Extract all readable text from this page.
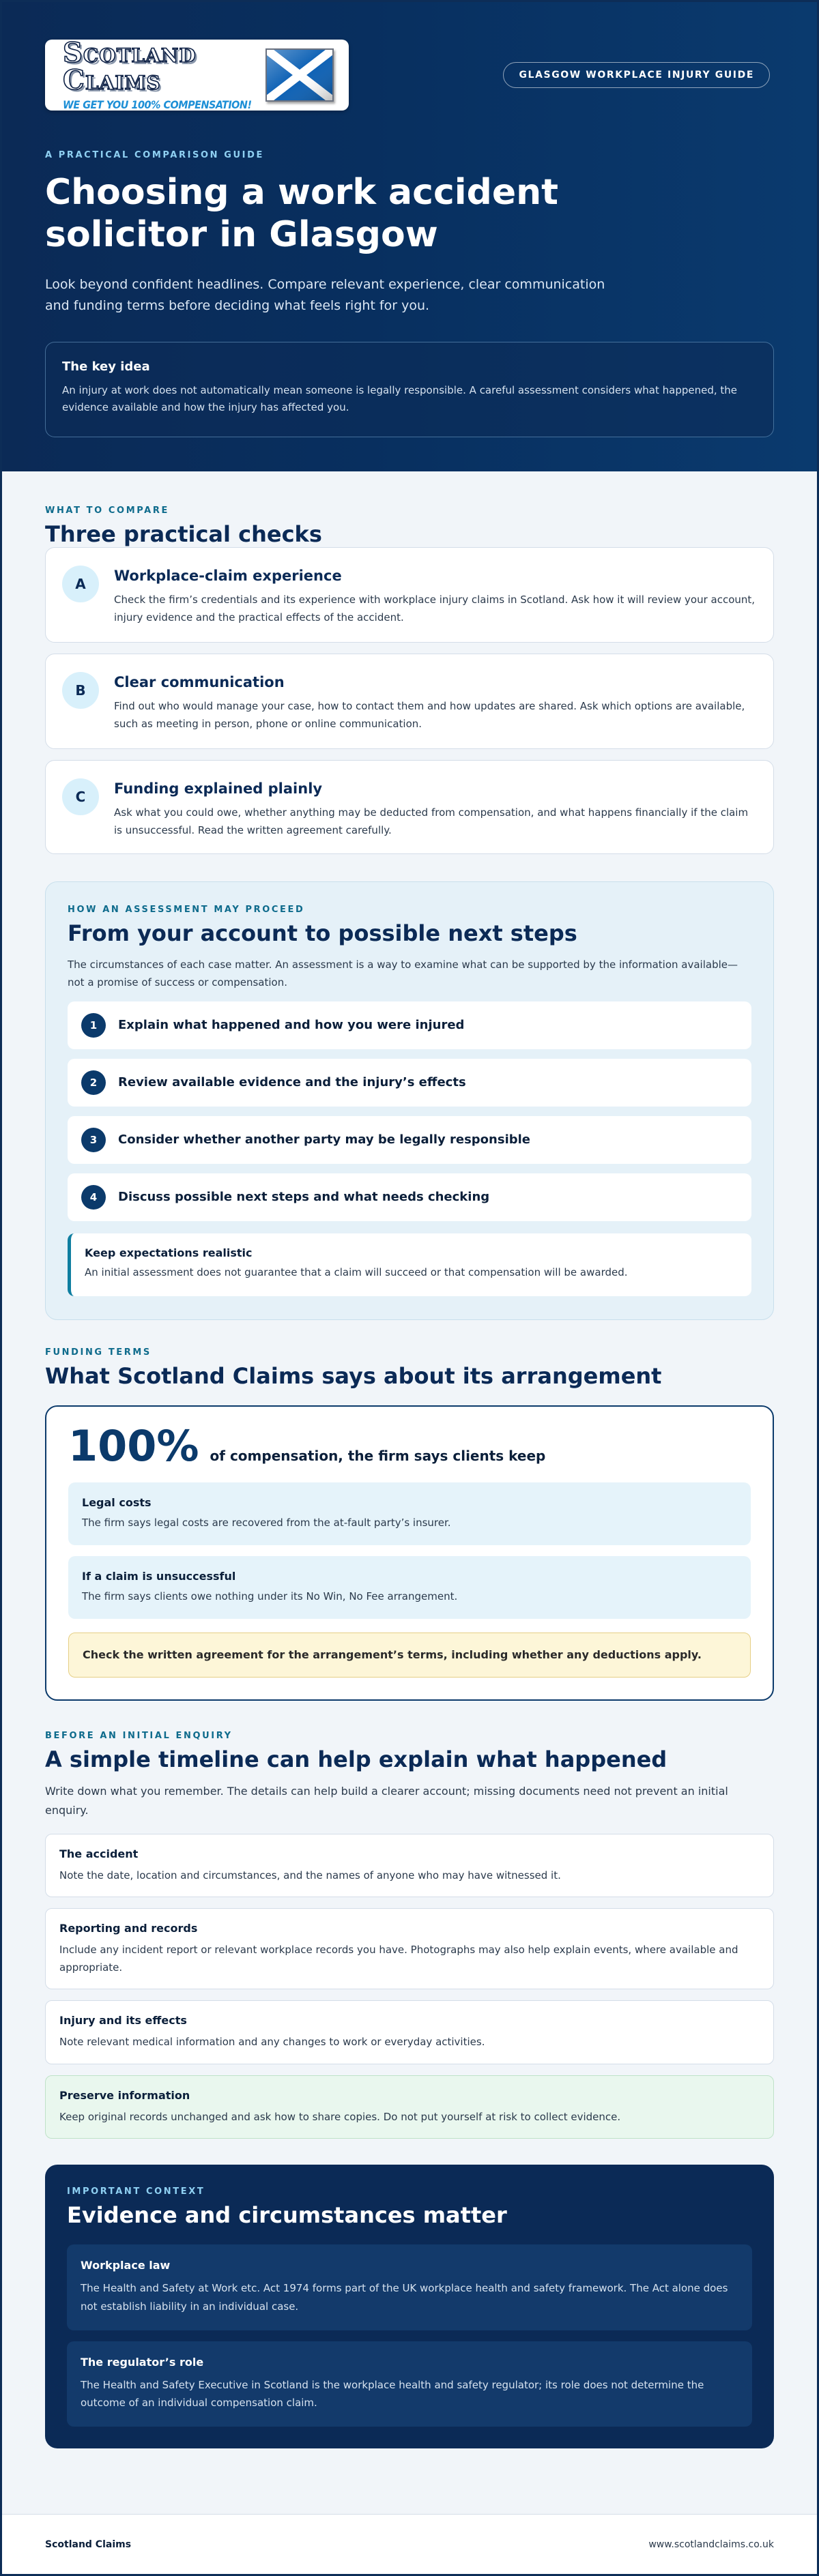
Scotland Claims
WE GET YOU 100% COMPENSATION!
GLASGOW WORKPLACE INJURY GUIDE
A PRACTICAL COMPARISON GUIDE
Choosing a work accident solicitor in Glasgow

Look beyond confident headlines. Compare relevant experience, clear communication and funding terms before deciding what feels right for you.

The key idea
An injury at work does not automatically mean someone is legally responsible. A careful assessment considers what happened, the evidence available and how the injury has affected you.
WHAT TO COMPARE
Three practical checks
A	Workplace-claim experience
Check the firm’s credentials and its experience with workplace injury claims in Scotland. Ask how it will review your account, injury evidence and the practical effects of the accident.
B	Clear communication
Find out who would manage your case, how to contact them and how updates are shared. Ask which options are available, such as meeting in person, phone or online communication.
C	Funding explained plainly
Ask what you could owe, whether anything may be deducted from compensation, and what happens financially if the claim is unsuccessful. Read the written agreement carefully.
HOW AN ASSESSMENT MAY PROCEED
From your account to possible next steps

The circumstances of each case matter. An assessment is a way to examine what can be supported by the information available—not a promise of success or compensation.

1	Explain what happened and how you were injured
2	Review available evidence and the injury’s effects
3	Consider whether another party may be legally responsible
4	Discuss possible next steps and what needs checking
Keep expectations realistic
An initial assessment does not guarantee that a claim will succeed or that compensation will be awarded.
FUNDING TERMS
What Scotland Claims says about its arrangement
100% of compensation, the firm says clients keep
Legal costs
The firm says legal costs are recovered from the at-fault party’s insurer.
If a claim is unsuccessful
The firm says clients owe nothing under its No Win, No Fee arrangement.
Check the written agreement for the arrangement’s terms, including whether any deductions apply.
BEFORE AN INITIAL ENQUIRY
A simple timeline can help explain what happened

Write down what you remember. The details can help build a clearer account; missing documents need not prevent an initial enquiry.

The accident
Note the date, location and circumstances, and the names of anyone who may have witnessed it.
Reporting and records
Include any incident report or relevant workplace records you have. Photographs may also help explain events, where available and appropriate.
Injury and its effects
Note relevant medical information and any changes to work or everyday activities.
Preserve information
Keep original records unchanged and ask how to share copies. Do not put yourself at risk to collect evidence.
IMPORTANT CONTEXT
Evidence and circumstances matter
Workplace law
The Health and Safety at Work etc. Act 1974 forms part of the UK workplace health and safety framework. The Act alone does not establish liability in an individual case.
The regulator’s role
The Health and Safety Executive in Scotland is the workplace health and safety regulator; its role does not determine the outcome of an individual compensation claim.
Scotland Claims	www.scotlandclaims.co.uk
